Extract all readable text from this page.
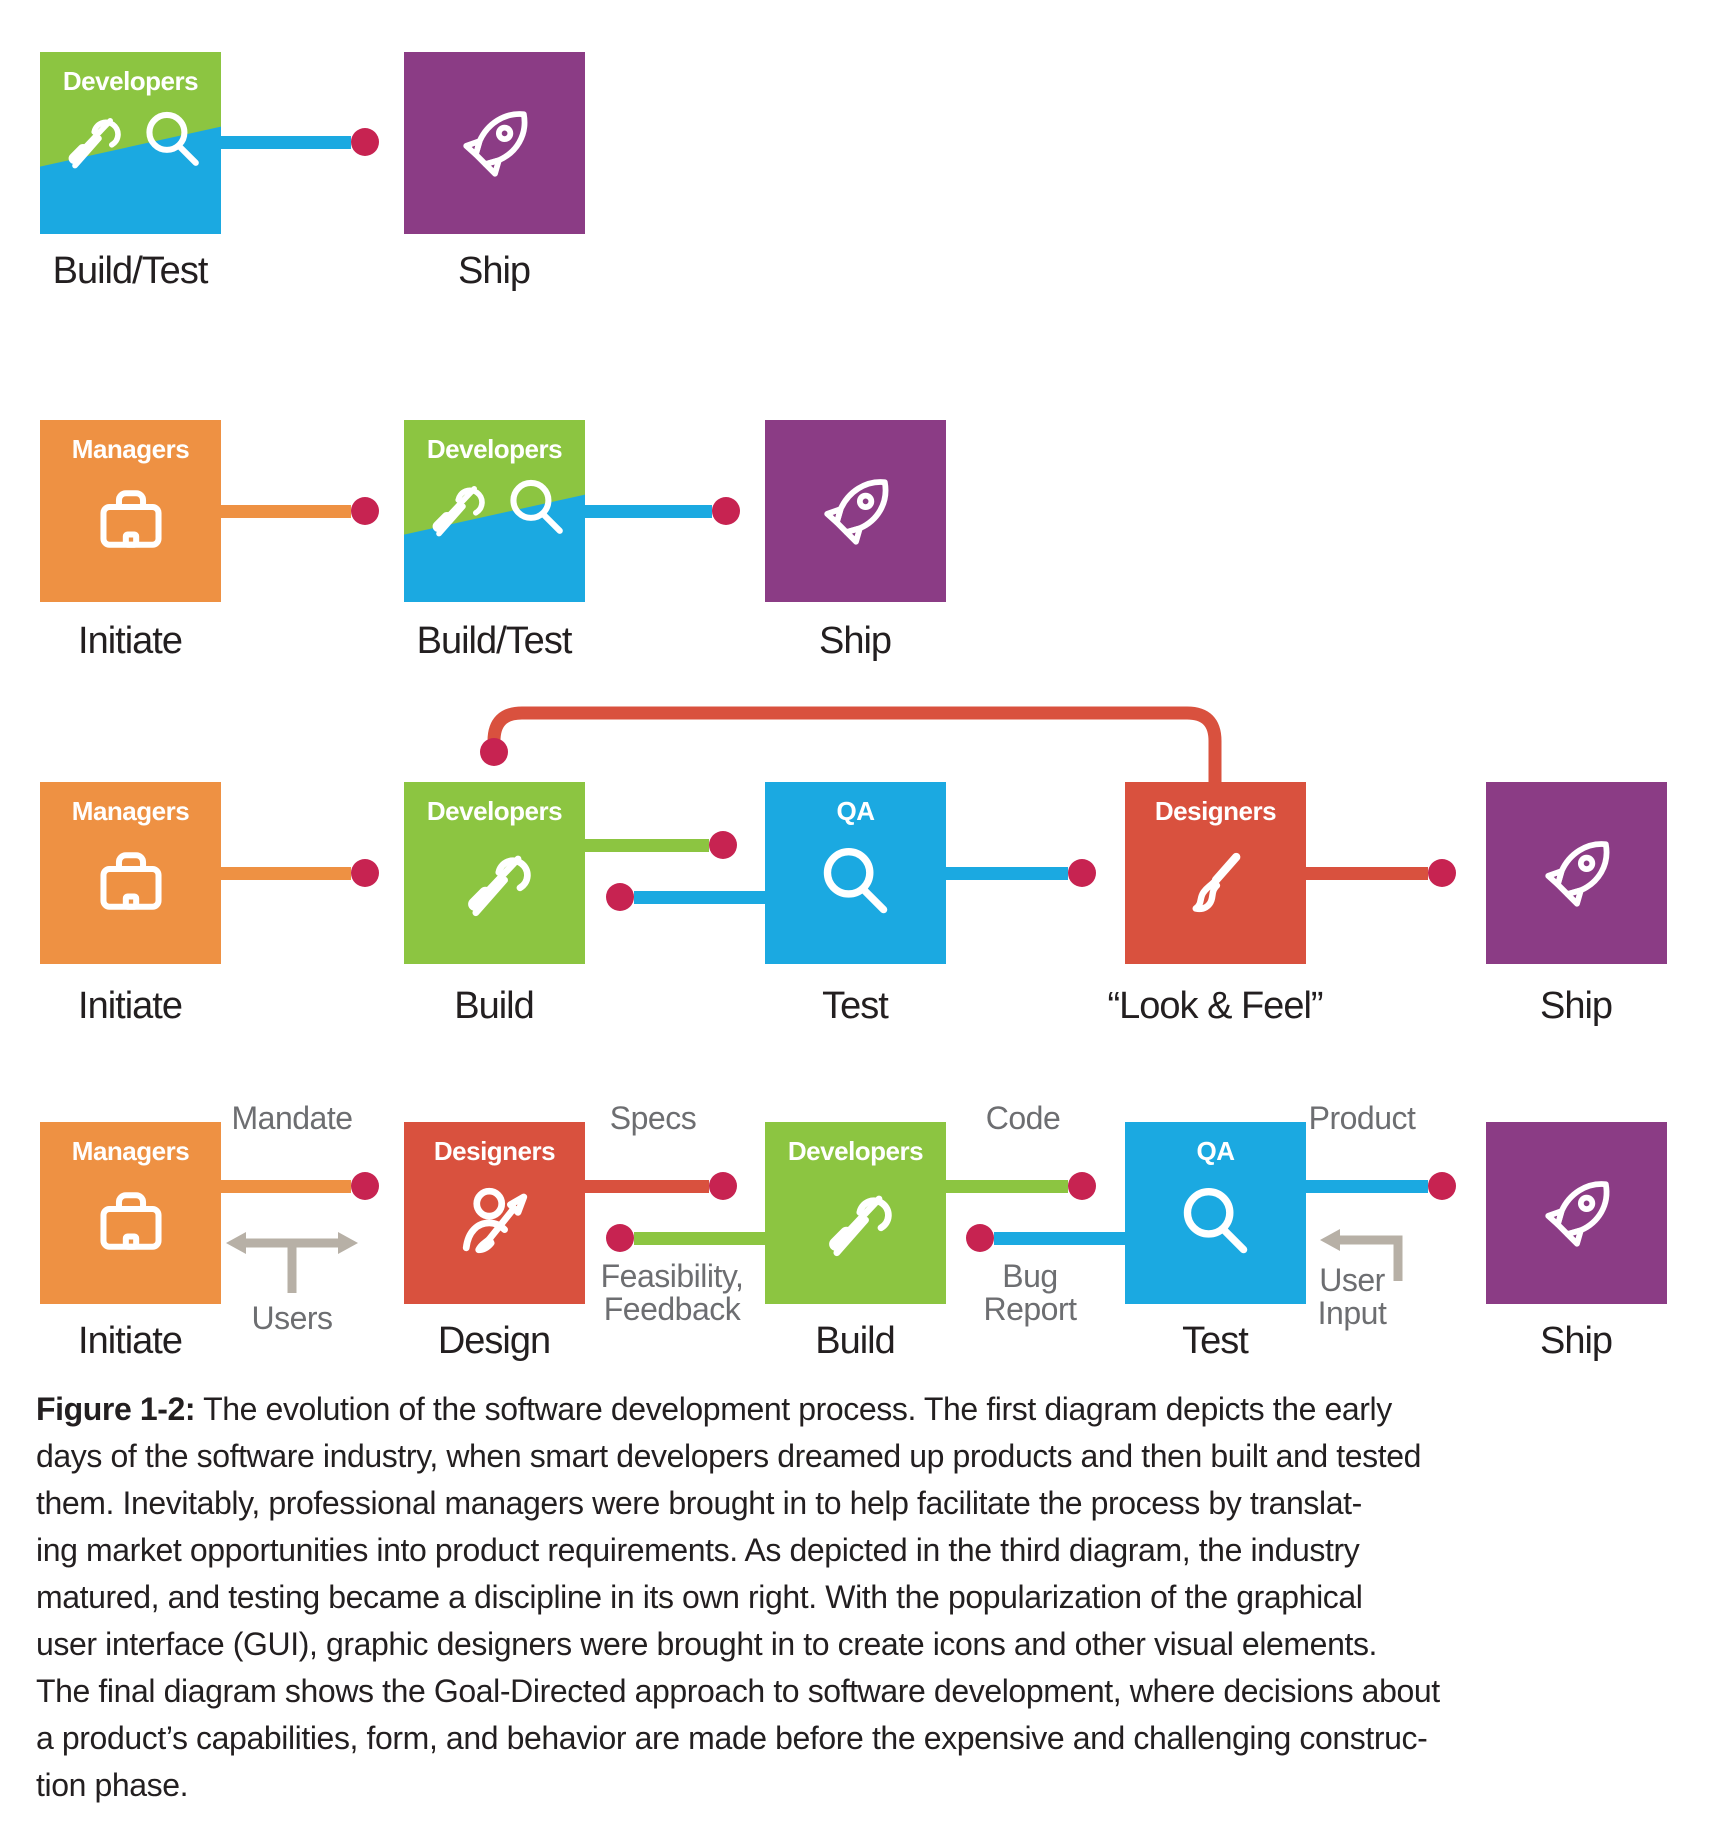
Developers
Build/Test	Ship
Managers
Initiate
Developers
Build/Test	Ship
Managers
Initiate
Developers
Build
QA
Test
Designers
“Look & Feel”	Ship
Managers
Initiate
Mandate
Users
Designers
Design
Specs
Feasibility,
Feedback
Developers
Build
Code
Bug
Report
QA
Test
Product
User
Input
Ship
Figure 1-2: The evolution of the software development process. The first diagram depicts the early
days of the software industry, when smart developers dreamed up products and then built and tested
them. Inevitably, professional managers were brought in to help facilitate the process by translat-
ing market opportunities into product requirements. As depicted in the third diagram, the industry
matured, and testing became a discipline in its own right. With the popularization of the graphical
user interface (GUI), graphic designers were brought in to create icons and other visual elements.
The final diagram shows the Goal-Directed approach to software development, where decisions about
a product’s capabilities, form, and behavior are made before the expensive and challenging construc-
tion phase.
